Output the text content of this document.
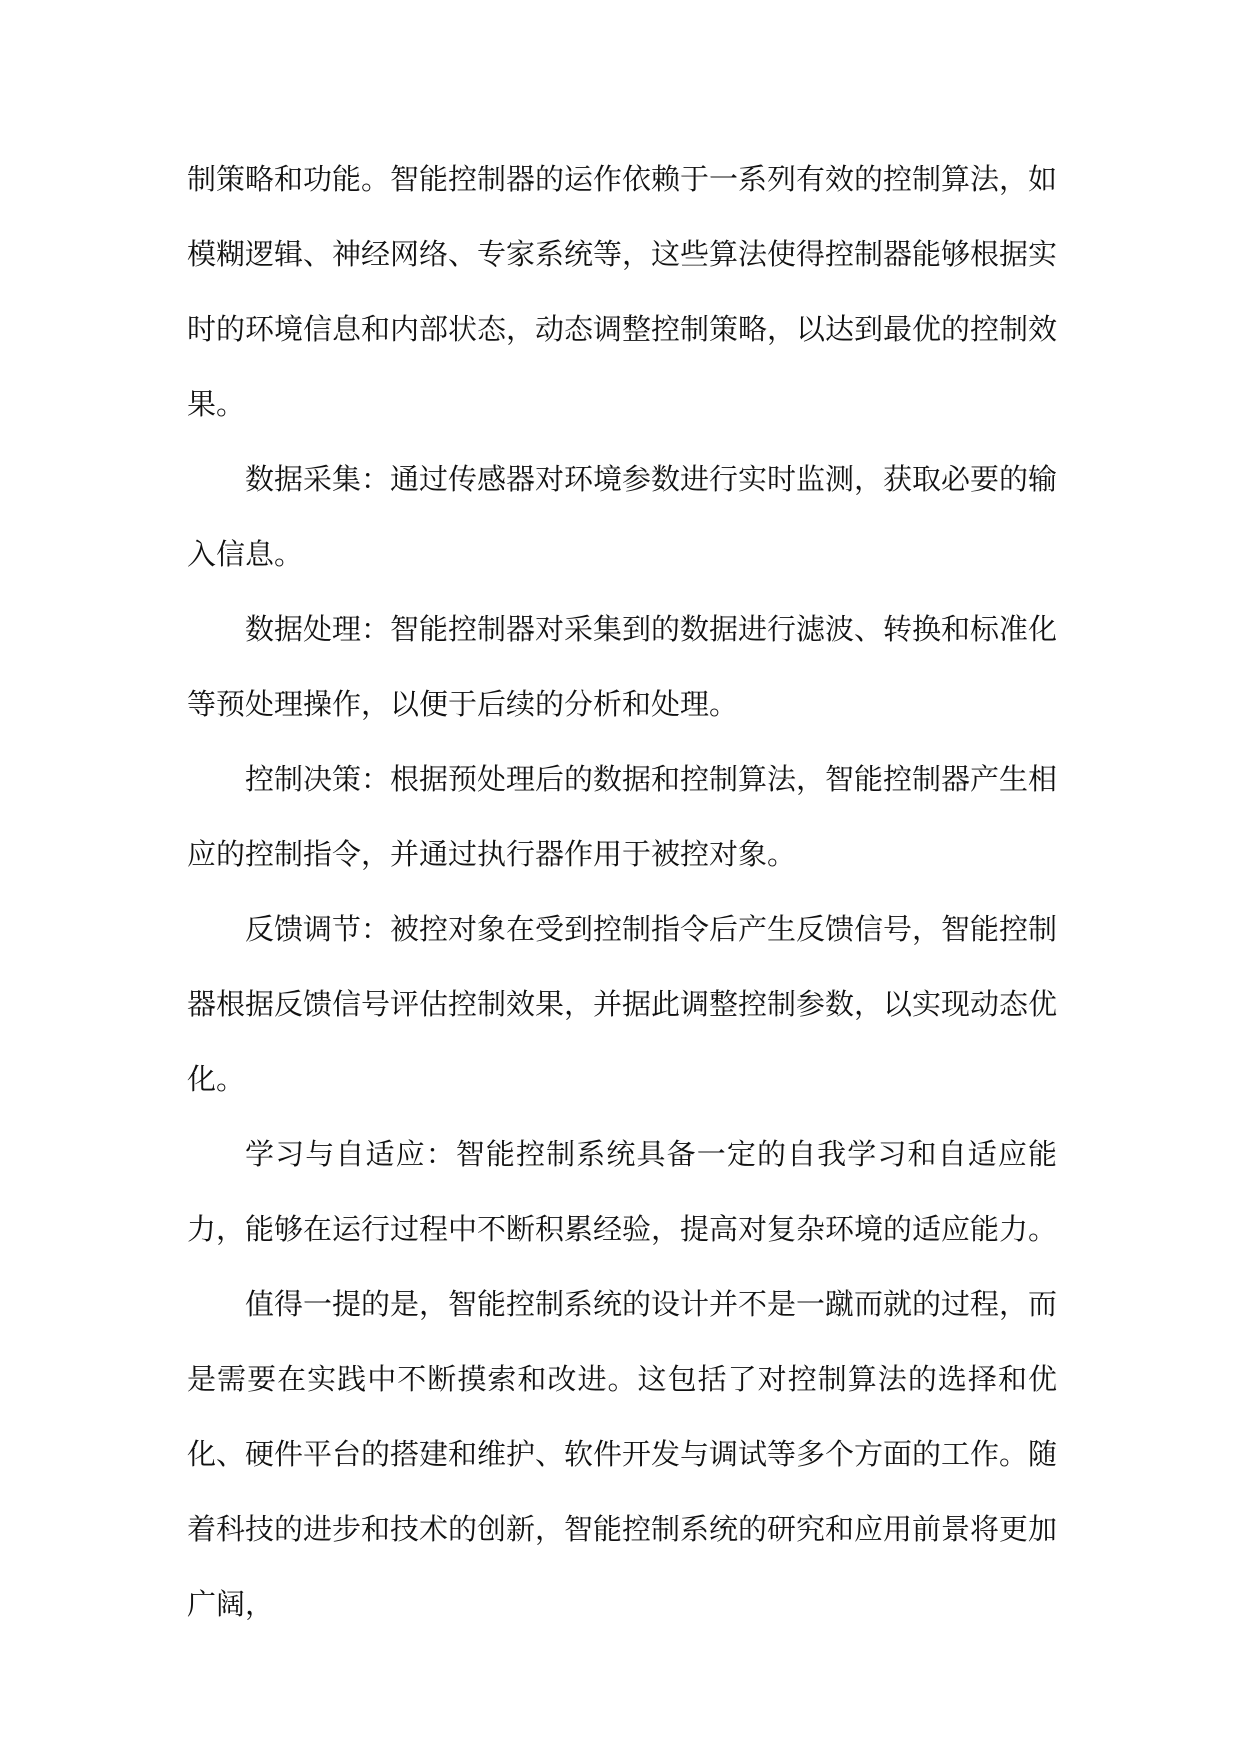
制策略和功能。智能控制器的运作依赖于一系列有效的控制算法，如模糊逻辑、神经网络、专家系统等，这些算法使得控制器能够根据实时的环境信息和内部状态，动态调整控制策略，以达到最优的控制效果。

数据采集：通过传感器对环境参数进行实时监测，获取必要的输入信息。

数据处理：智能控制器对采集到的数据进行滤波、转换和标准化等预处理操作，以便于后续的分析和处理。

控制决策：根据预处理后的数据和控制算法，智能控制器产生相应的控制指令，并通过执行器作用于被控对象。

反馈调节：被控对象在受到控制指令后产生反馈信号，智能控制器根据反馈信号评估控制效果，并据此调整控制参数，以实现动态优化。

学习与自适应：智能控制系统具备一定的自我学习和自适应能力，能够在运行过程中不断积累经验，提高对复杂环境的适应能力。

值得一提的是，智能控制系统的设计并不是一蹴而就的过程，而是需要在实践中不断摸索和改进。这包括了对控制算法的选择和优化、硬件平台的搭建和维护、软件开发与调试等多个方面的工作。随着科技的进步和技术的创新，智能控制系统的研究和应用前景将更加广阔，
